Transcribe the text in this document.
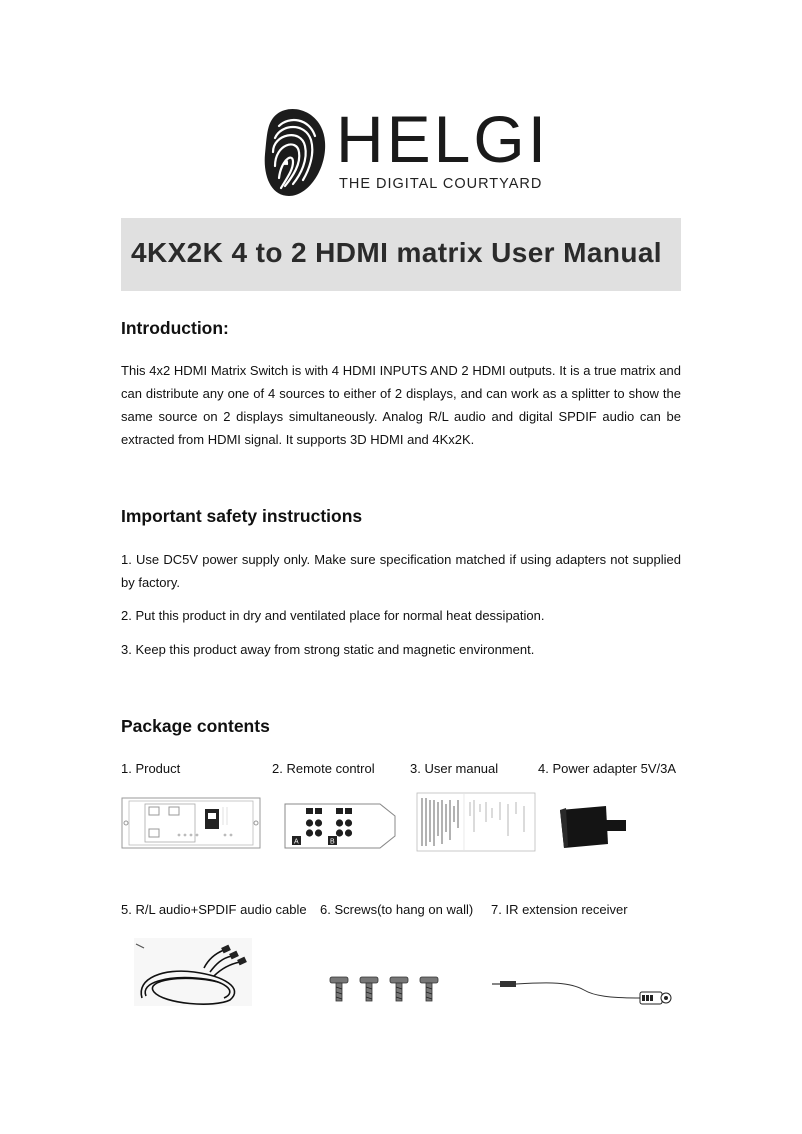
HELGI
THE DIGITAL COURTYARD
4KX2K 4 to 2 HDMI matrix User Manual
Introduction:
This 4x2 HDMI Matrix Switch is with 4 HDMI INPUTS AND 2 HDMI outputs. It is a true matrix and can distribute any one of 4 sources to either of 2 displays, and can work as a splitter to show the same source on 2 displays simultaneously. Analog R/L audio and digital SPDIF audio can be extracted from HDMI signal. It supports 3D HDMI and 4Kx2K.
Important safety instructions
1. Use DC5V power supply only. Make sure specification matched if using adapters not supplied by factory.
2. Put this product in dry and ventilated place for normal heat dessipation.
3. Keep this product away from strong static and magnetic environment.
Package contents
1. Product	2. Remote control	3. User manual	4. Power adapter 5V/3A
A	B
5. R/L audio+SPDIF audio cable 6. Screws(to hang on wall) 7. IR extension receiver
